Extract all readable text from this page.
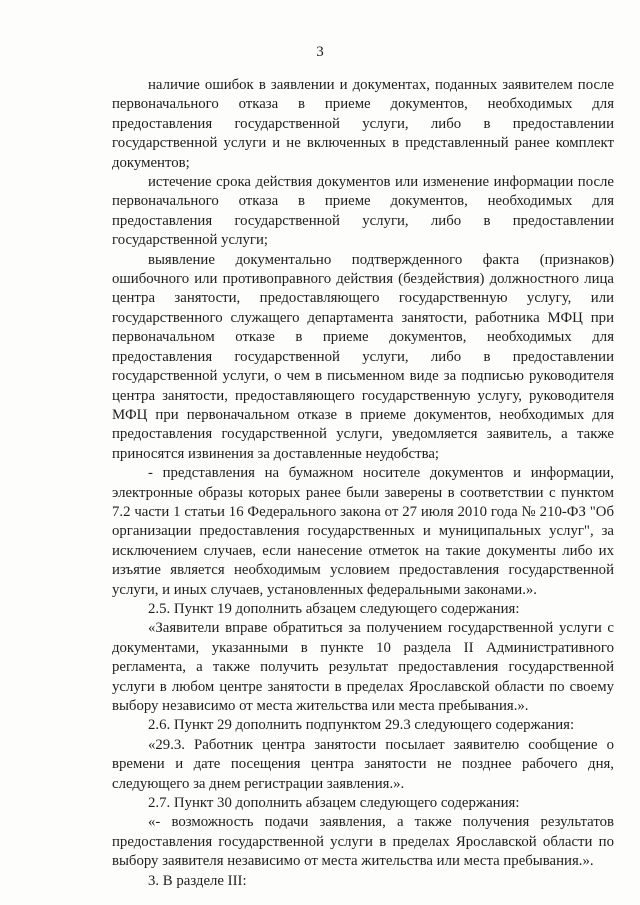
3

наличие ошибок в заявлении и документах, поданных заявителем после первоначального отказа в приеме документов, необходимых для предоставления государственной услуги, либо в предоставлении государственной услуги и не включенных в представленный ранее комплект документов;

истечение срока действия документов или изменение информации после первоначального отказа в приеме документов, необходимых для предоставления государственной услуги, либо в предоставлении государственной услуги;

выявление документально подтвержденного факта (признаков) ошибочного или противоправного действия (бездействия) должностного лица центра занятости, предоставляющего государственную услугу, или государственного служащего департамента занятости, работника МФЦ при первоначальном отказе в приеме документов, необходимых для предоставления государственной услуги, либо в предоставлении государственной услуги, о чем в письменном виде за подписью руководителя центра занятости, предоставляющего государственную услугу, руководителя МФЦ при первоначальном отказе в приеме документов, необходимых для предоставления государственной услуги, уведомляется заявитель, а также приносятся извинения за доставленные неудобства;

- представления на бумажном носителе документов и информации, электронные образы которых ранее были заверены в соответствии с пунктом 7.2 части 1 статьи 16 Федерального закона от 27 июля 2010 года № 210-ФЗ "Об организации предоставления государственных и муниципальных услуг", за исключением случаев, если нанесение отметок на такие документы либо их изъятие является необходимым условием предоставления государственной услуги, и иных случаев, установленных федеральными законами.».

2.5. Пункт 19 дополнить абзацем следующего содержания:

«Заявители вправе обратиться за получением государственной услуги с документами, указанными в пункте 10 раздела II Административного регламента, а также получить результат предоставления государственной услуги в любом центре занятости в пределах Ярославской области по своему выбору независимо от места жительства или места пребывания.».

2.6. Пункт 29 дополнить подпунктом 29.3 следующего содержания:

«29.3. Работник центра занятости посылает заявителю сообщение о времени и дате посещения центра занятости не позднее рабочего дня, следующего за днем регистрации заявления.».

2.7. Пункт 30 дополнить абзацем следующего содержания:

«- возможность подачи заявления, а также получения результатов предоставления государственной услуги в пределах Ярославской области по выбору заявителя независимо от места жительства или места пребывания.».

3. В разделе III:
